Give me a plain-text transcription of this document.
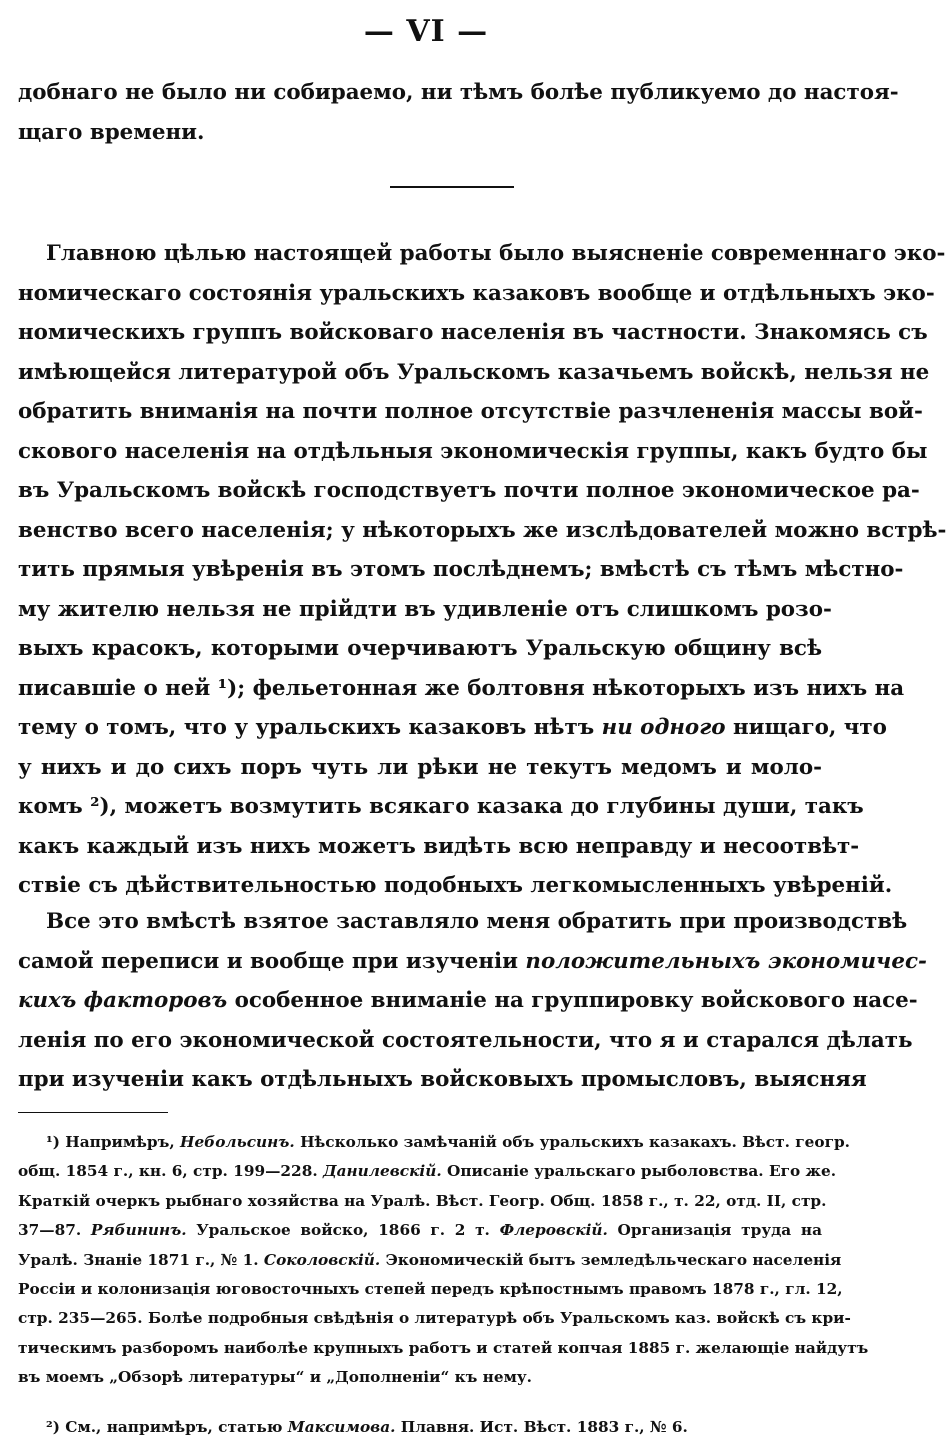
— VI —
добнаго не было ни собираемо, ни тѣмъ болѣе публикуемо до настоя-
щаго времени.
Главною цѣлью настоящей работы было выясненіе современнаго эко-
номическаго состоянія уральскихъ казаковъ вообще и отдѣльныхъ эко-
номическихъ группъ войсковаго населенія въ частности. Знакомясь съ
имѣющейся литературой объ Уральскомъ казачьемъ войскѣ, нельзя не
обратить вниманія на почти полное отсутствіе разчлененія массы вой-
скового населенія на отдѣльныя экономическія группы, какъ будто бы
въ Уральскомъ войскѣ господствуетъ почти полное экономическое ра-
венство всего населенія; у нѣкоторыхъ же изслѣдователей можно встрѣ-
тить прямыя увѣренія въ этомъ послѣднемъ; вмѣстѣ съ тѣмъ мѣстно-
му жителю нельзя не прійдти въ удивленіе отъ слишкомъ розо-
выхъ красокъ, которыми очерчиваютъ Уральскую общину всѣ
писавшіе о ней ¹); фельетонная же болтовня нѣкоторыхъ изъ нихъ на
тему о томъ, что у уральскихъ казаковъ нѣтъ ни одного нищаго, что
у нихъ и до сихъ поръ чуть ли рѣки не текутъ медомъ и моло-
комъ ²), можетъ возмутить всякаго казака до глубины души, такъ
какъ каждый изъ нихъ можетъ видѣть всю неправду и несоотвѣт-
ствіе съ дѣйствительностью подобныхъ легкомысленныхъ увѣреній.
Все это вмѣстѣ взятое заставляло меня обратить при производствѣ
самой переписи и вообще при изученіи положительныхъ экономичес-
кихъ факторовъ особенное вниманіе на группировку войскового насе-
ленія по его экономической состоятельности, что я и старался дѣлать
при изученіи какъ отдѣльныхъ войсковыхъ промысловъ, выясняя
¹) Напримѣръ, Небольсинъ. Нѣсколько замѣчаній объ уральскихъ казакахъ. Вѣст. геогр.
общ. 1854 г., кн. 6, стр. 199—228. Данилевскій. Описаніе уральскаго рыболовства. Его же.
Краткій очеркъ рыбнаго хозяйства на Уралѣ. Вѣст. Геогр. Общ. 1858 г., т. 22, отд. II, стр.
37—87. Рябининъ. Уральское войско, 1866 г. 2 т. Флеровскій. Организація труда на
Уралѣ. Знаніе 1871 г., № 1. Соколовскій. Экономическій бытъ земледѣльческаго населенія
Россіи и колонизація юговосточныхъ степей передъ крѣпостнымъ правомъ 1878 г., гл. 12,
стр. 235—265. Болѣе подробныя свѣдѣнія о литературѣ объ Уральскомъ каз. войскѣ съ кри-
тическимъ разборомъ наиболѣе крупныхъ работъ и статей копчая 1885 г. желающіе найдутъ
въ моемъ „Обзорѣ литературы“ и „Дополненіи“ къ нему.
²) См., напримѣръ, статью Максимова. Плавня. Ист. Вѣст. 1883 г., № 6.
